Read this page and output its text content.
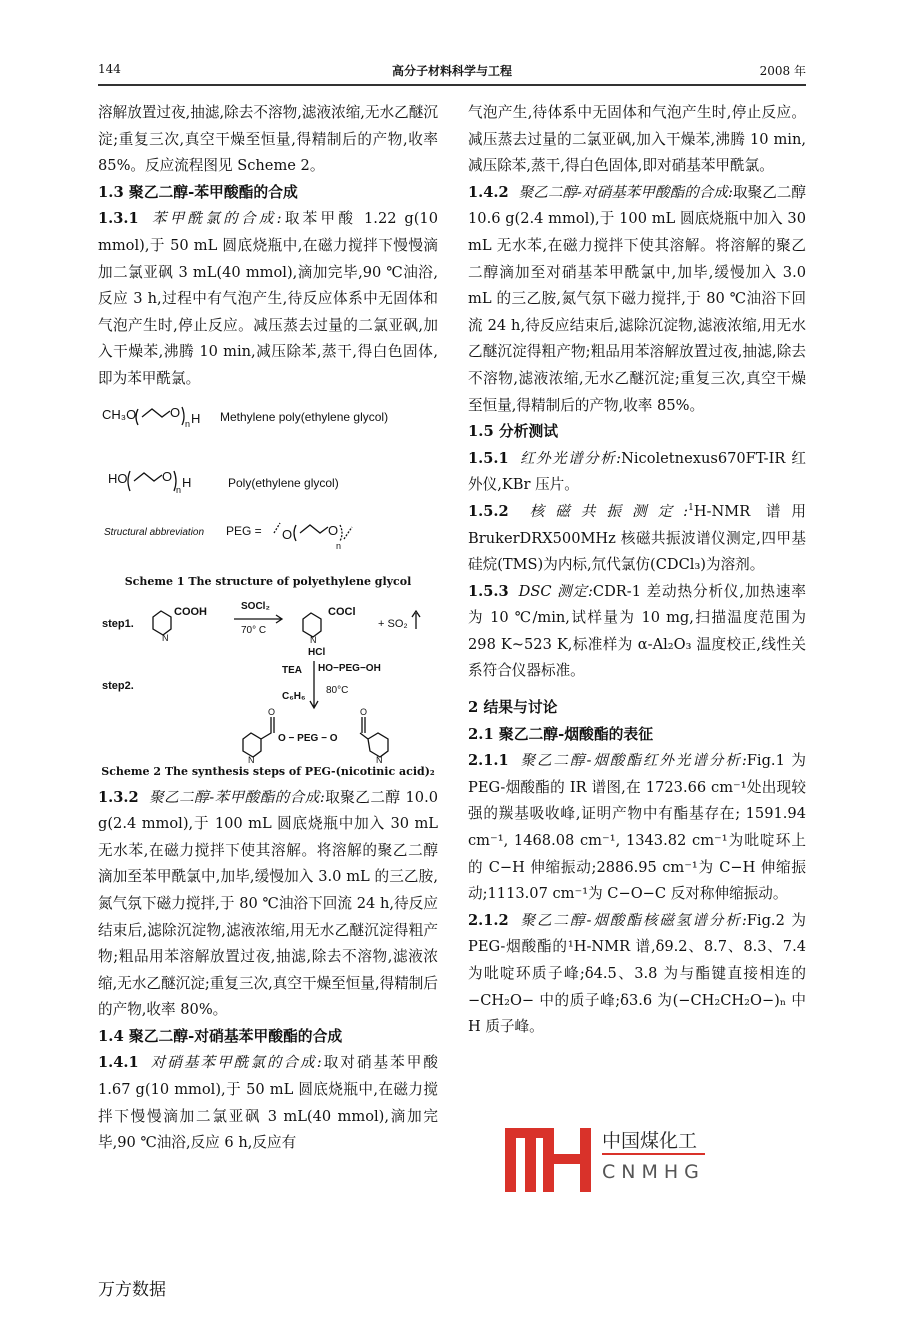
144	高分子材料科学与工程	2008 年

溶解放置过夜,抽滤,除去不溶物,滤液浓缩,无水乙醚沉淀;重复三次,真空干燥至恒量,得精制后的产物,收率85%。反应流程图见 Scheme 2。

1.3 聚乙二醇-苯甲酸酯的合成

1.3.1 苯甲酰氯的合成:取苯甲酸 1.22 g(10 mmol),于 50 mL 圆底烧瓶中,在磁力搅拌下慢慢滴加二氯亚砜 3 mL(40 mmol),滴加完毕,90 ℃油浴,反应 3 h,过程中有气泡产生,待反应体系中无固体和气泡产生时,停止反应。减压蒸去过量的二氯亚砜,加入干燥苯,沸腾 10 min,减压除苯,蒸干,得白色固体,即为苯甲酰氯。

CH₃O	O
n H Methylene poly(ethylene glycol)
HO	O
n H	Poly(ethylene glycol)
Structural abbreviation PEG = O	O
n
Scheme 1 The structure of polyethylene glycol
step1.
N
COOH	SOCl₂
70° C
N
HCl
COCl
+ SO₂
step2.
TEA
C₆H₆
HO−PEG−OH
80°C
N
O
O − PEG − O
O
N
Scheme 2 The synthesis steps of PEG-(nicotinic acid)₂

1.3.2 聚乙二醇-苯甲酸酯的合成:取聚乙二醇 10.0 g(2.4 mmol),于 100 mL 圆底烧瓶中加入 30 mL 无水苯,在磁力搅拌下使其溶解。将溶解的聚乙二醇滴加至苯甲酰氯中,加毕,缓慢加入 3.0 mL 的三乙胺,氮气氛下磁力搅拌,于 80 ℃油浴下回流 24 h,待反应结束后,滤除沉淀物,滤液浓缩,用无水乙醚沉淀得粗产物;粗品用苯溶解放置过夜,抽滤,除去不溶物,滤液浓缩,无水乙醚沉淀;重复三次,真空干燥至恒量,得精制后的产物,收率 80%。

1.4 聚乙二醇-对硝基苯甲酸酯的合成

1.4.1 对硝基苯甲酰氯的合成:取对硝基苯甲酸 1.67 g(10 mmol),于 50 mL 圆底烧瓶中,在磁力搅拌下慢慢滴加二氯亚砜 3 mL(40 mmol),滴加完毕,90 ℃油浴,反应 6 h,反应有

气泡产生,待体系中无固体和气泡产生时,停止反应。减压蒸去过量的二氯亚砜,加入干燥苯,沸腾 10 min,减压除苯,蒸干,得白色固体,即对硝基苯甲酰氯。

1.4.2 聚乙二醇-对硝基苯甲酸酯的合成:取聚乙二醇 10.6 g(2.4 mmol),于 100 mL 圆底烧瓶中加入 30 mL 无水苯,在磁力搅拌下使其溶解。将溶解的聚乙二醇滴加至对硝基苯甲酰氯中,加毕,缓慢加入 3.0 mL 的三乙胺,氮气氛下磁力搅拌,于 80 ℃油浴下回流 24 h,待反应结束后,滤除沉淀物,滤液浓缩,用无水乙醚沉淀得粗产物;粗品用苯溶解放置过夜,抽滤,除去不溶物,滤液浓缩,无水乙醚沉淀;重复三次,真空干燥至恒量,得精制后的产物,收率 85%。

1.5 分析测试

1.5.1 红外光谱分析:Nicoletnexus670FT-IR 红外仪,KBr 压片。

1.5.2 核磁共振测定:$^1$H-NMR 谱用 BrukerDRX500MHz 核磁共振波谱仪测定,四甲基硅烷(TMS)为内标,氘代氯仿(CDCl₃)为溶剂。

1.5.3 DSC 测定:CDR-1 差动热分析仪,加热速率为 10 ℃/min,试样量为 10 mg,扫描温度范围为 298 K~523 K,标准样为 α-Al₂O₃ 温度校正,线性关系符合仪器标准。

2 结果与讨论

2.1 聚乙二醇-烟酸酯的表征

2.1.1 聚乙二醇-烟酸酯红外光谱分析:Fig.1 为 PEG-烟酸酯的 IR 谱图,在 1723.66 cm⁻¹处出现较强的羰基吸收峰,证明产物中有酯基存在; 1591.94 cm⁻¹, 1468.08 cm⁻¹, 1343.82 cm⁻¹为吡啶环上的 C−H 伸缩振动;2886.95 cm⁻¹为 C−H 伸缩振动;1113.07 cm⁻¹为 C−O−C 反对称伸缩振动。

2.1.2 聚乙二醇-烟酸酯核磁氢谱分析:Fig.2 为 PEG-烟酸酯的¹H-NMR 谱,δ9.2、8.7、8.3、7.4 为吡啶环质子峰;δ4.5、3.8 为与酯键直接相连的 −CH₂O− 中的质子峰;δ3.6 为(−CH₂CH₂O−)ₙ 中 H 质子峰。

中国煤化工
CNMHG
万方数据
